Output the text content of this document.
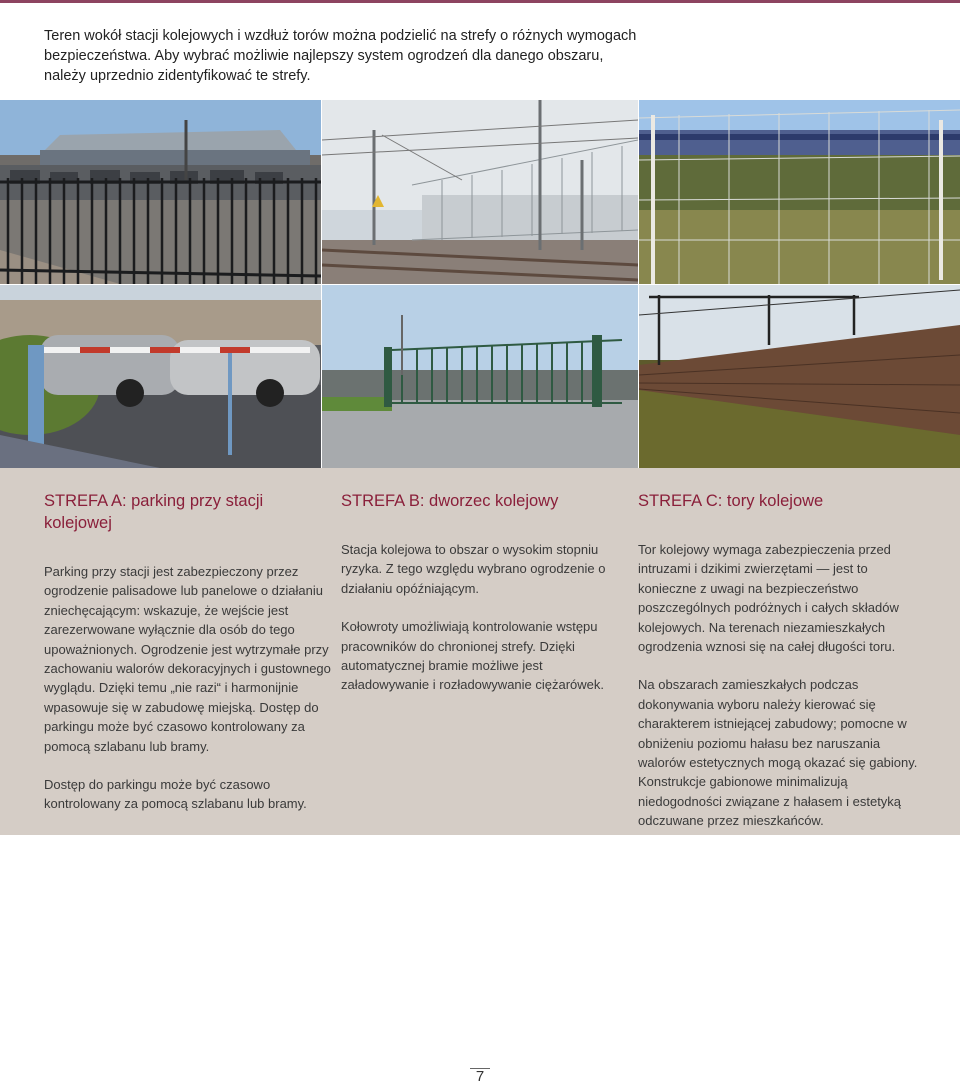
Teren wokół stacji kolejowych i wzdłuż torów można podzielić na strefy o różnych wymogach bezpieczeństwa. Aby wybrać możliwie najlepszy system ogrodzeń dla danego obszaru, należy uprzednio zidentyfikować te strefy.

STREFA A: parking przy stacji kolejowej

Parking przy stacji jest zabezpieczony przez ogrodzenie palisadowe lub panelowe o działaniu zniechęcającym: wskazuje, że wejście jest zarezerwowane wyłącznie dla osób do tego upoważnionych. Ogrodzenie jest wytrzymałe przy zachowaniu walorów dekoracyjnych i gustownego wyglądu. Dzięki temu „nie razi“ i harmonijnie wpasowuje się w zabudowę miejską. Dostęp do parkingu może być czasowo kontrolowany za pomocą szlabanu lub bramy.

Dostęp do parkingu może być czasowo kontrolowany za pomocą szlabanu lub bramy.

STREFA B: dworzec kolejowy

Stacja kolejowa to obszar o wysokim stopniu ryzyka. Z tego względu wybrano ogrodzenie o działaniu opóźniającym.

Kołowroty umożliwiają kontrolowanie wstępu pracowników do chronionej strefy. Dzięki automatycznej bramie możliwe jest załadowywanie i rozładowywanie ciężarówek.

STREFA C: tory kolejowe

Tor kolejowy wymaga zabezpieczenia przed intruzami i dzikimi zwierzętami — jest to konieczne z uwagi na bezpieczeństwo poszczególnych podróżnych i całych składów kolejowych. Na terenach niezamieszkałych ogrodzenia wznosi się na całej długości toru.

Na obszarach zamieszkałych podczas dokonywania wyboru należy kierować się charakterem istniejącej zabudowy; pomocne w obniżeniu poziomu hałasu bez naruszania walorów estetycznych mogą okazać się gabiony. Konstrukcje gabionowe minimalizują niedogodności związane z hałasem i estetyką odczuwane przez mieszkańców.

7
